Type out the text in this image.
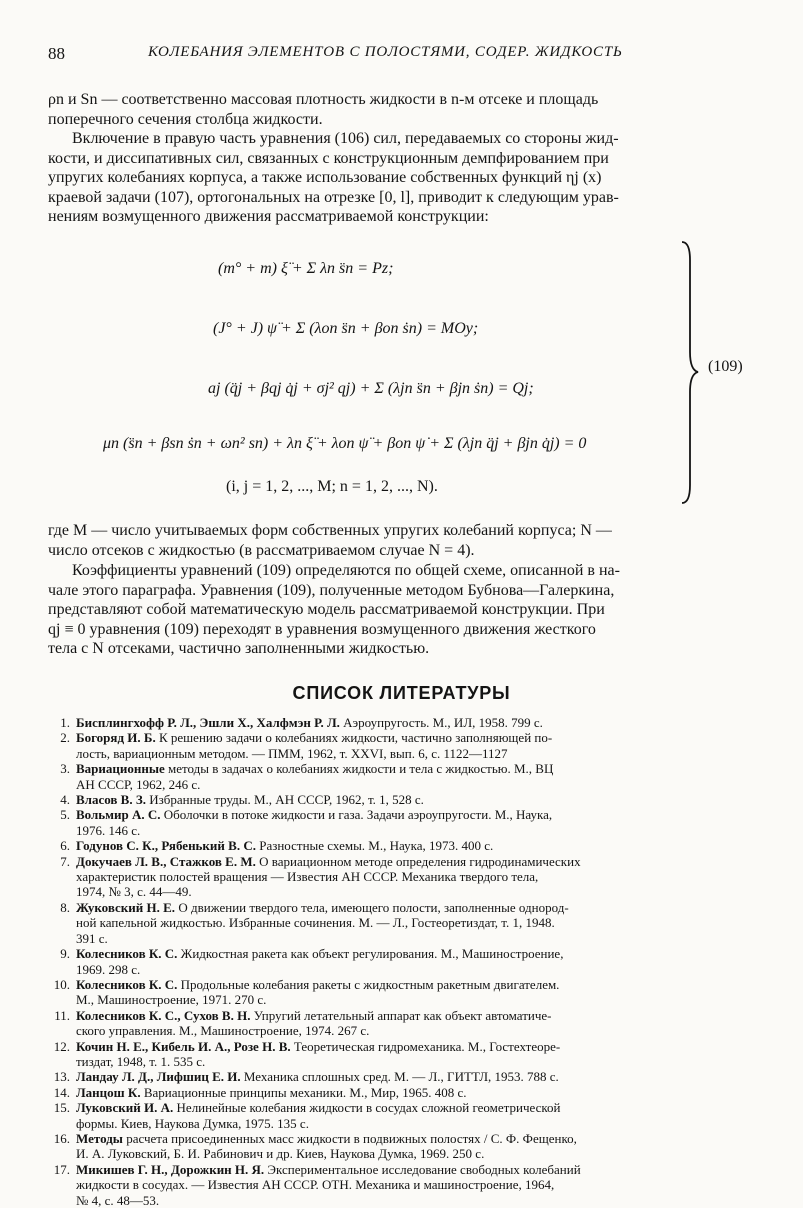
88	КОЛЕБАНИЯ ЭЛЕМЕНТОВ С ПОЛОСТЯМИ, СОДЕР. ЖИДКОСТЬ
ρn и Sn — соответственно массовая плотность жидкости в n-м отсеке и площадь
поперечного сечения столбца жидкости.
Включение в правую часть уравнения (106) сил, передаваемых со стороны жид-
кости, и диссипативных сил, связанных с конструкционным демпфированием при
упругих колебаниях корпуса, а также использование собственных функций ηj (x)
краевой задачи (107), ортогональных на отрезке [0, l], приводит к следующим урав-
нениям возмущенного движения рассматриваемой конструкции:
(m° + m) ξ̈ + Σ λn s̈n = Pz;
(J° + J) ψ̈ + Σ (λon s̈n + βon ṡn) = MOy;
aj (q̈j + βqj q̇j + σj² qj) + Σ (λjn s̈n + βjn ṡn) = Qj;
μn (s̈n + βsn ṡn + ωn² sn) + λn ξ̈ + λon ψ̈ + βon ψ̇ + Σ (λjn q̈j + βjn q̇j) = 0
(i, j = 1, 2, ..., M; n = 1, 2, ..., N).
(109)
где M — число учитываемых форм собственных упругих колебаний корпуса; N —
число отсеков с жидкостью (в рассматриваемом случае N = 4).
Коэффициенты уравнений (109) определяются по общей схеме, описанной в на-
чале этого параграфа. Уравнения (109), полученные методом Бубнова—Галеркина,
представляют собой математическую модель рассматриваемой конструкции. При
qj ≡ 0 уравнения (109) переходят в уравнения возмущенного движения жесткого
тела с N отсеками, частично заполненными жидкостью.
СПИСОК ЛИТЕРАТУРЫ
1. Бисплингхофф Р. Л., Эшли Х., Халфмэн Р. Л. Аэроупругость. М., ИЛ, 1958. 799 с.
2. Богоряд И. Б. К решению задачи о колебаниях жидкости, частично заполняющей по-
лость, вариационным методом. — ПММ, 1962, т. XXVI, вып. 6, с. 1122—1127
3. Вариационные методы в задачах о колебаниях жидкости и тела с жидкостью. М., ВЦ
АН СССР, 1962, 246 с.
4. Власов В. З. Избранные труды. М., АН СССР, 1962, т. 1, 528 с.
5. Вольмир А. С. Оболочки в потоке жидкости и газа. Задачи аэроупругости. М., Наука,
1976. 146 с.
6. Годунов С. К., Рябенький В. С. Разностные схемы. М., Наука, 1973. 400 с.
7. Докучаев Л. В., Стажков Е. М. О вариационном методе определения гидродинамических
характеристик полостей вращения — Известия АН СССР. Механика твердого тела,
1974, № 3, с. 44—49.
8. Жуковский Н. Е. О движении твердого тела, имеющего полости, заполненные однород-
ной капельной жидкостью. Избранные сочинения. М. — Л., Гостеоретиздат, т. 1, 1948.
391 с.
9. Колесников К. С. Жидкостная ракета как объект регулирования. М., Машиностроение,
1969. 298 с.
10. Колесников К. С. Продольные колебания ракеты с жидкостным ракетным двигателем.
М., Машиностроение, 1971. 270 с.
11. Колесников К. С., Сухов В. Н. Упругий летательный аппарат как объект автоматиче-
ского управления. М., Машиностроение, 1974. 267 с.
12. Кочин Н. Е., Кибель И. А., Розе Н. В. Теоретическая гидромеханика. М., Гостехтеоре-
тиздат, 1948, т. 1. 535 с.
13. Ландау Л. Д., Лифшиц Е. И. Механика сплошных сред. М. — Л., ГИТТЛ, 1953. 788 с.
14. Ланцош К. Вариационные принципы механики. М., Мир, 1965. 408 с.
15. Луковский И. А. Нелинейные колебания жидкости в сосудах сложной геометрической
формы. Киев, Наукова Думка, 1975. 135 с.
16. Методы расчета присоединенных масс жидкости в подвижных полостях / С. Ф. Фещенко,
И. А. Луковский, Б. И. Рабинович и др. Киев, Наукова Думка, 1969. 250 с.
17. Микишев Г. Н., Дорожкин Н. Я. Экспериментальное исследование свободных колебаний
жидкости в сосудах. — Известия АН СССР. ОТН. Механика и машиностроение, 1964,
№ 4, с. 48—53.
